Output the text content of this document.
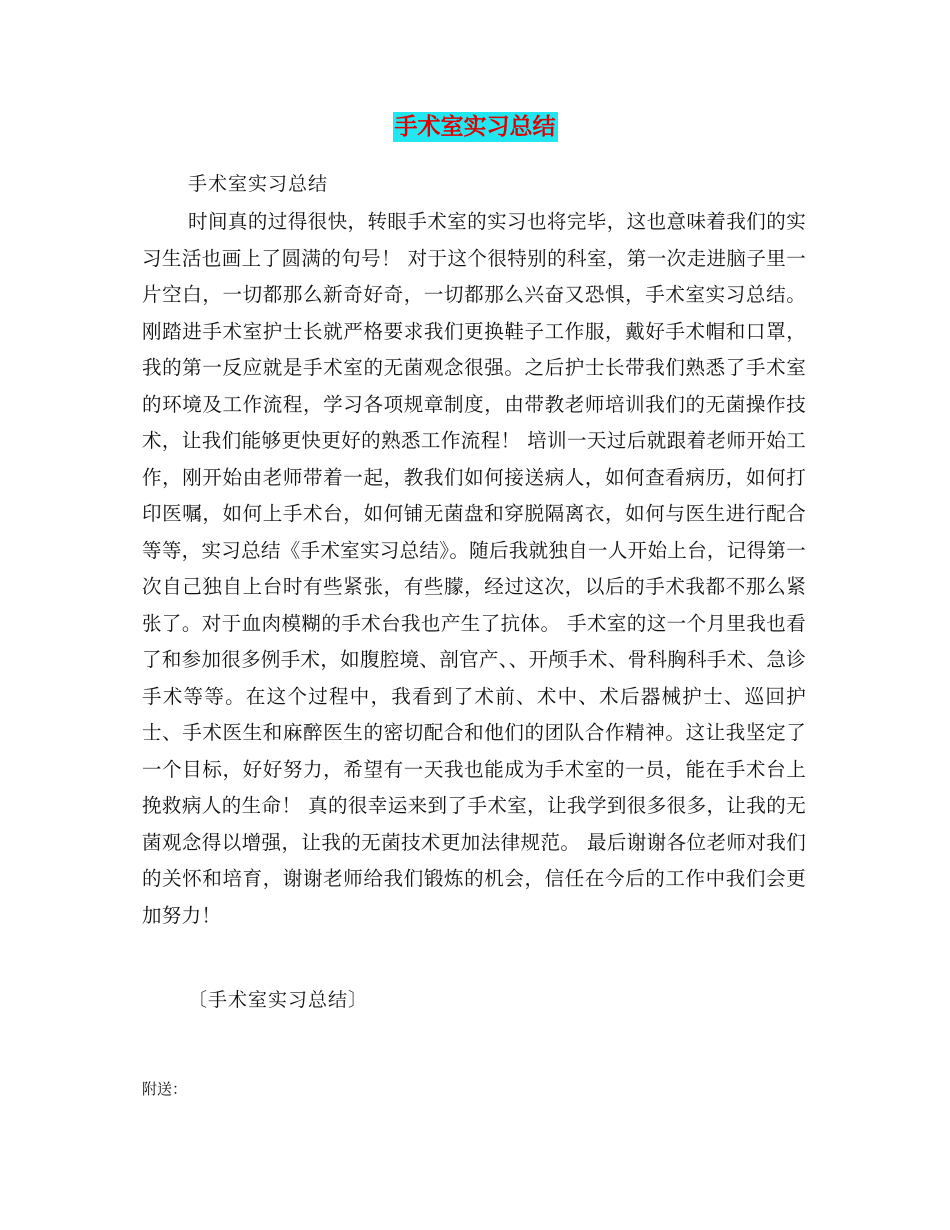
手术室实习总结
手术室实习总结

时间真的过得很快，转眼手术室的实习也将完毕，这也意味着我们的实习生活也画上了圆满的句号！ 对于这个很特别的科室，第一次走进脑子里一片空白，一切都那么新奇好奇，一切都那么兴奋又恐惧，手术室实习总结。刚踏进手术室护士长就严格要求我们更换鞋子工作服，戴好手术帽和口罩，我的第一反应就是手术室的无菌观念很强。之后护士长带我们熟悉了手术室的环境及工作流程，学习各项规章制度，由带教老师培训我们的无菌操作技术，让我们能够更快更好的熟悉工作流程！ 培训一天过后就跟着老师开始工作，刚开始由老师带着一起，教我们如何接送病人，如何查看病历，如何打印医嘱，如何上手术台，如何铺无菌盘和穿脱隔离衣，如何与医生进行配合等等，实习总结《手术室实习总结》。随后我就独自一人开始上台，记得第一次自己独自上台时有些紧张，有些朦，经过这次，以后的手术我都不那么紧张了。对于血肉模糊的手术台我也产生了抗体。 手术室的这一个月里我也看了和参加很多例手术，如腹腔境、剖官产、、开颅手术、骨科胸科手术、急诊手术等等。在这个过程中，我看到了术前、术中、术后器械护士、巡回护士、手术医生和麻醉医生的密切配合和他们的团队合作精神。这让我坚定了一个目标，好好努力，希望有一天我也能成为手术室的一员，能在手术台上挽救病人的生命！ 真的很幸运来到了手术室，让我学到很多很多，让我的无菌观念得以增强，让我的无菌技术更加法律规范。 最后谢谢各位老师对我们的关怀和培育，谢谢老师给我们锻炼的机会，信任在今后的工作中我们会更加努力！

〔手术室实习总结〕
附送：
